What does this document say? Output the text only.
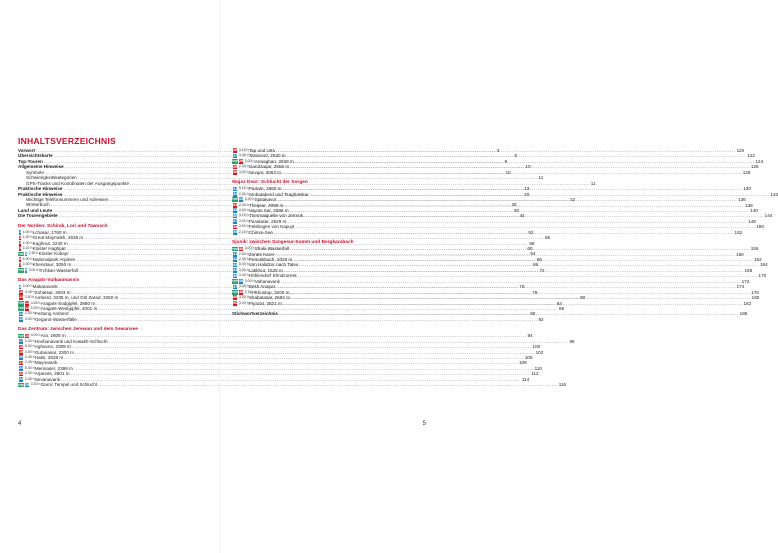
INHALTSVERZEICHNIS
Vorwort .....	3
Übersichtskarte .....	6
Top-Touren .....	8
Allgemeine Hinweise .....	10
Symbole .....	10
Schwierigkeitskategorien .....	11
GPS-Tracks und Koordinaten der Ausgangspunkte .....	11
Praktische Hinweise .....	13
Praktische Hinweise .....	20
Wichtige Telefonnummern und Adressen .....	22
Wörterbuch .....	28
Land und Leute .....	30
Die Tourengebiete .....	44
Der Norden: Schirak, Lori und Tawusch
1 4.00 h Lchasar, 1760 m .....	52
2 4.30 h Great Maymekh, 2635 m .....	55
3 4.30 h Kaghnut, 2240 m .....	58
4 3.15 h Kloster Haghpat .....	60
TOP 5 2.30 h Kloster Kobayr .....	64
6 6.30 h Nationalpark Arpisee .....	66
7 3.30 h Khenstaur, 3050 m .....	68
TOP 8 3.00 h Trchkan-Wasserfall .....	72
Das Aragats-Vulkanmassiv
9 3.00 h Makaravank .....	76
10 3.45 h Zohatsar, 3063 m .....	78
11 3.30 h Amberd, 3235 m, und Göl Zarad, 3260 m .....	80
TOP 12 4.45 h Aragats-Südgipfel, 3880 m .....	84
TOP 13 5.30 h Aragats-Westgipfel, 4001 m .....	86
14 2.30 h Festung Amberd .....	90
15 3.00 h Gegarot-Wasserfälle .....	92
Das Zentrum: zwischen Jerewan und dem Sewansee
TOP 16 4.00 h Ara, 2606 m .....	94
17 3.30 h Hovhanavank und Kasakh-Schlucht .....	98
18 6.30 h Aghavno, 2309 m .....	100
19 3.00 h Gutanasar, 2300 m .....	102
20 2.45 h Hatis, 2528 m .....	105
21 2.45 h Mayravank .....	108
22 5.00 h Mennaser, 2399 m .....	110
23 4.30 h Arjanots, 2801 m .....	112
24 2.45 h Sevanavank .....	114
TOP 25 3.30 h Garni: Tempel und Schlucht .....	116
4
26 3.15 h Tap und Urts .....	119
27 3.45 h Tasanord, 2530 m .....	122
TOP 28 3.00 h Armaghan, 2828 m .....	124
29 2.30 h Gandzaqar, 2656 m .....	126
30 3.00 h Sevqar, 3063 m .....	128
Wajoz Dsor: Schlucht der Sorgen
31 5.15 h Partam, 2660 m .....	130
32 2.30 h Smbataberd und Tsaghatskar .....	133
TOP 33 3.30 h Spitakavor .....	136
34 2.00 h Theqsar, 2898 m .....	138
35 4.00 h Vayots Sar, 2586 m .....	140
36 3.15 h Thermalquelle von Jermuk .....	144
37 3.00 h Parakatar, 2529 m .....	148
38 3.00 h Felsbogen von Kapuyt .....	150
39 2.15 h Chimoi-See .....	152
Sjunik: zwischen Sangesur-Kamm und Bergkarabach
TOP 40 3.00 h Shaki-Wasserfall .....	156
41 2.00 h Zorats Karer .....	160
42 2.45 h Petroskbach, 2026 m .....	162
43 5.00 h Von Halidzor nach Tatev .....	164
44 3.30 h Latikhut, 1525 m .....	168
45 3.45 h Höhlendorf Khndzoresk .....	170
TOP 46 3.00 h Vahanavank .....	172
47 3.45 h Bekh Anapat .....	174
TOP 48 2 Tage Khustup, 3200 m .....	176
49 3.30 h Shabatasar, 2692 m .....	180
50 3.00 h Piyazat, 2821 m .....	182
Stichwortverzeichnis .....	186
5
